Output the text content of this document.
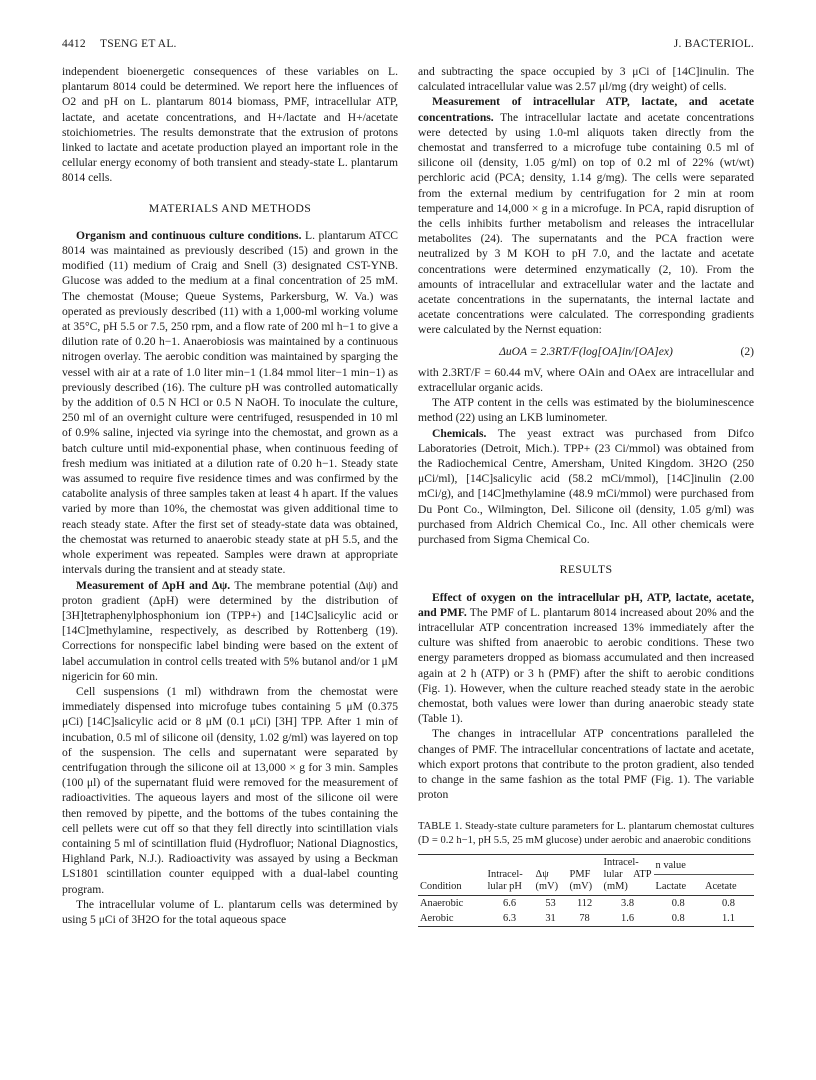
4412 TSENG ET AL.	J. BACTERIOL.

independent bioenergetic consequences of these variables on L. plantarum 8014 could be determined. We report here the influences of O2 and pH on L. plantarum 8014 biomass, PMF, intracellular ATP, lactate, and acetate concentrations, and H+/lactate and H+/acetate stoichiometries. The results demonstrate that the extrusion of protons linked to lactate and acetate production played an important role in the cellular energy economy of both transient and steady-state L. plantarum 8014 cells.

MATERIALS AND METHODS

Organism and continuous culture conditions. L. plantarum ATCC 8014 was maintained as previously described (15) and grown in the modified (11) medium of Craig and Snell (3) designated CST-YNB. Glucose was added to the medium at a final concentration of 25 mM. The chemostat (Mouse; Queue Systems, Parkersburg, W. Va.) was operated as previously described (11) with a 1,000-ml working volume at 35°C, pH 5.5 or 7.5, 250 rpm, and a flow rate of 200 ml h−1 to give a dilution rate of 0.20 h−1. Anaerobiosis was maintained by a continuous nitrogen overlay. The aerobic condition was maintained by sparging the vessel with air at a rate of 1.0 liter min−1 (1.84 mmol liter−1 min−1) as previously described (16). The culture pH was controlled automatically by the addition of 0.5 N HCl or 0.5 N NaOH. To inoculate the culture, 250 ml of an overnight culture were centrifuged, resuspended in 10 ml of 0.9% saline, injected via syringe into the chemostat, and grown as a batch culture until mid-exponential phase, when continuous feeding of fresh medium was initiated at a dilution rate of 0.20 h−1. Steady state was assumed to require five residence times and was confirmed by the catabolite analysis of three samples taken at least 4 h apart. If the values varied by more than 10%, the chemostat was given additional time to reach steady state. After the first set of steady-state data was obtained, the chemostat was returned to anaerobic steady state at pH 5.5, and the whole experiment was repeated. Samples were drawn at appropriate intervals during the transient and at steady state.

Measurement of ΔpH and Δψ. The membrane potential (Δψ) and proton gradient (ΔpH) were determined by the distribution of [3H]tetraphenylphosphonium ion (TPP+) and [14C]salicylic acid or [14C]methylamine, respectively, as described by Rottenberg (19). Corrections for nonspecific label binding were based on the extent of label accumulation in control cells treated with 5% butanol and/or 1 μM nigericin for 60 min.

Cell suspensions (1 ml) withdrawn from the chemostat were immediately dispensed into microfuge tubes containing 5 μM (0.375 μCi) [14C]salicylic acid or 8 μM (0.1 μCi) [3H] TPP. After 1 min of incubation, 0.5 ml of silicone oil (density, 1.02 g/ml) was layered on top of the suspension. The cells and supernatant were separated by centrifugation through the silicone oil at 13,000 × g for 3 min. Samples (100 μl) of the supernatant fluid were removed for the measurement of radioactivities. The aqueous layers and most of the silicone oil were then removed by pipette, and the bottoms of the tubes containing the cell pellets were cut off so that they fell directly into scintillation vials containing 5 ml of scintillation fluid (Hydrofluor; National Diagnostics, Highland Park, N.J.). Radioactivity was assayed by using a Beckman LS1801 scintillation counter equipped with a dual-label counting program.

The intracellular volume of L. plantarum cells was determined by using 5 μCi of 3H2O for the total aqueous space

and subtracting the space occupied by 3 μCi of [14C]inulin. The calculated intracellular value was 2.57 μl/mg (dry weight) of cells.

Measurement of intracellular ATP, lactate, and acetate concentrations. The intracellular lactate and acetate concentrations were detected by using 1.0-ml aliquots taken directly from the chemostat and transferred to a microfuge tube containing 0.5 ml of silicone oil (density, 1.05 g/ml) on top of 0.2 ml of 22% (wt/wt) perchloric acid (PCA; density, 1.14 g/mg). The cells were separated from the external medium by centrifugation for 2 min at room temperature and 14,000 × g in a microfuge. In PCA, rapid disruption of the cells inhibits further metabolism and releases the intracellular metabolites (24). The supernatants and the PCA fraction were neutralized by 3 M KOH to pH 7.0, and the lactate and acetate concentrations were determined enzymatically (2, 10). From the amounts of intracellular and extracellular water and the lactate and acetate concentrations in the supernatants, the internal lactate and acetate concentrations were calculated. The corresponding gradients were calculated by the Nernst equation:

ΔuOA = 2.3RT/F(log[OA]in/[OA]ex)	(2)

with 2.3RT/F = 60.44 mV, where OAin and OAex are intracellular and extracellular organic acids.

The ATP content in the cells was estimated by the bioluminescence method (22) using an LKB luminometer.

Chemicals. The yeast extract was purchased from Difco Laboratories (Detroit, Mich.). TPP+ (23 Ci/mmol) was obtained from the Radiochemical Centre, Amersham, United Kingdom. 3H2O (250 μCi/ml), [14C]salicylic acid (58.2 mCi/mmol), [14C]inulin (2.00 mCi/g), and [14C]methylamine (48.9 mCi/mmol) were purchased from Du Pont Co., Wilmington, Del. Silicone oil (density, 1.05 g/ml) was purchased from Aldrich Chemical Co., Inc. All other chemicals were purchased from Sigma Chemical Co.

RESULTS

Effect of oxygen on the intracellular pH, ATP, lactate, acetate, and PMF. The PMF of L. plantarum 8014 increased about 20% and the intracellular ATP concentration increased 13% immediately after the culture was shifted from anaerobic to aerobic conditions. These two energy parameters dropped as biomass accumulated and then increased again at 2 h (ATP) or 3 h (PMF) after the shift to aerobic conditions (Fig. 1). However, when the culture reached steady state in the aerobic chemostat, both values were lower than during anaerobic steady state (Table 1).

The changes in intracellular ATP concentrations paralleled the changes of PMF. The intracellular concentrations of lactate and acetate, which export protons that contribute to the proton gradient, also tended to change in the same fashion as the total PMF (Fig. 1). The variable proton

TABLE 1. Steady-state culture parameters for L. plantarum chemostat cultures (D = 0.2 h−1, pH 5.5, 25 mM glucose) under aerobic and anaerobic conditions
Condition	Intracel-lular pH	Δψ (mV)	PMF (mV)	Intracel-lular ATP (mM)	n value	
					Lactate	Acetate
Anaerobic	6.6	53	112	3.8	0.8	0.8
Aerobic	6.3	31	78	1.6	0.8	1.1
